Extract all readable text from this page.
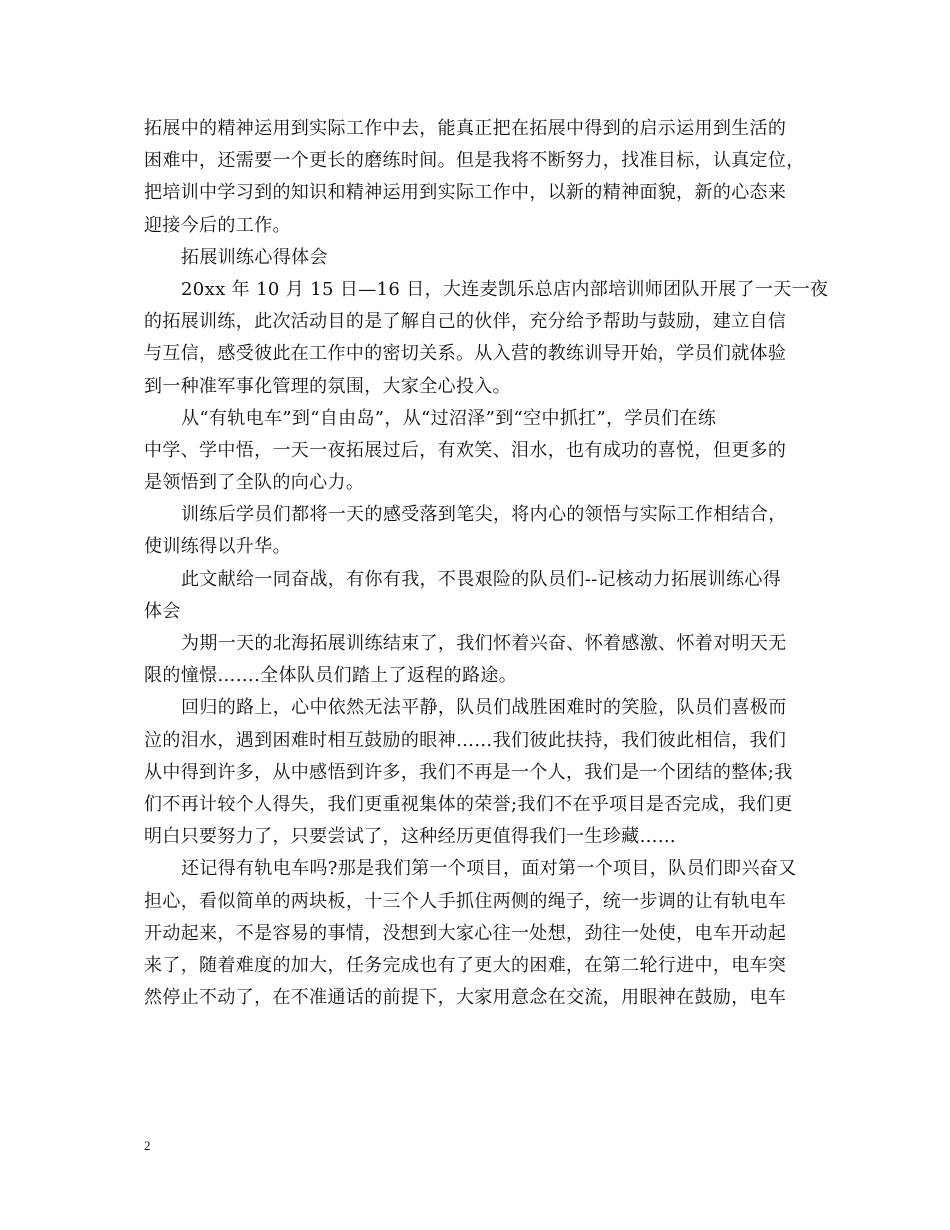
拓展中的精神运用到实际工作中去，能真正把在拓展中得到的启示运用到生活的
困难中，还需要一个更长的磨练时间。但是我将不断努力，找准目标，认真定位，
把培训中学习到的知识和精神运用到实际工作中，以新的精神面貌，新的心态来
迎接今后的工作。
拓展训练心得体会
20xx 年 10 月 15 日—16 日，大连麦凯乐总店内部培训师团队开展了一天一夜
的拓展训练，此次活动目的是了解自己的伙伴，充分给予帮助与鼓励，建立自信
与互信，感受彼此在工作中的密切关系。从入营的教练训导开始，学员们就体验
到一种准军事化管理的氛围，大家全心投入。
从“有轨电车”到“自由岛”，从“过沼泽”到“空中抓扛”，学员们在练
中学、学中悟，一天一夜拓展过后，有欢笑、泪水，也有成功的喜悦，但更多的
是领悟到了全队的向心力。
训练后学员们都将一天的感受落到笔尖，将内心的领悟与实际工作相结合，
使训练得以升华。
此文献给一同奋战，有你有我，不畏艰险的队员们--记核动力拓展训练心得
体会
为期一天的北海拓展训练结束了，我们怀着兴奋、怀着感激、怀着对明天无
限的憧憬…….全体队员们踏上了返程的路途。
回归的路上，心中依然无法平静，队员们战胜困难时的笑脸，队员们喜极而
泣的泪水，遇到困难时相互鼓励的眼神……我们彼此扶持，我们彼此相信，我们
从中得到许多，从中感悟到许多，我们不再是一个人，我们是一个团结的整体;我
们不再计较个人得失，我们更重视集体的荣誉;我们不在乎项目是否完成，我们更
明白只要努力了，只要尝试了，这种经历更值得我们一生珍藏……
还记得有轨电车吗?那是我们第一个项目，面对第一个项目，队员们即兴奋又
担心，看似简单的两块板，十三个人手抓住两侧的绳子，统一步调的让有轨电车
开动起来，不是容易的事情，没想到大家心往一处想，劲往一处使，电车开动起
来了，随着难度的加大，任务完成也有了更大的困难，在第二轮行进中，电车突
然停止不动了，在不准通话的前提下，大家用意念在交流，用眼神在鼓励，电车
2
